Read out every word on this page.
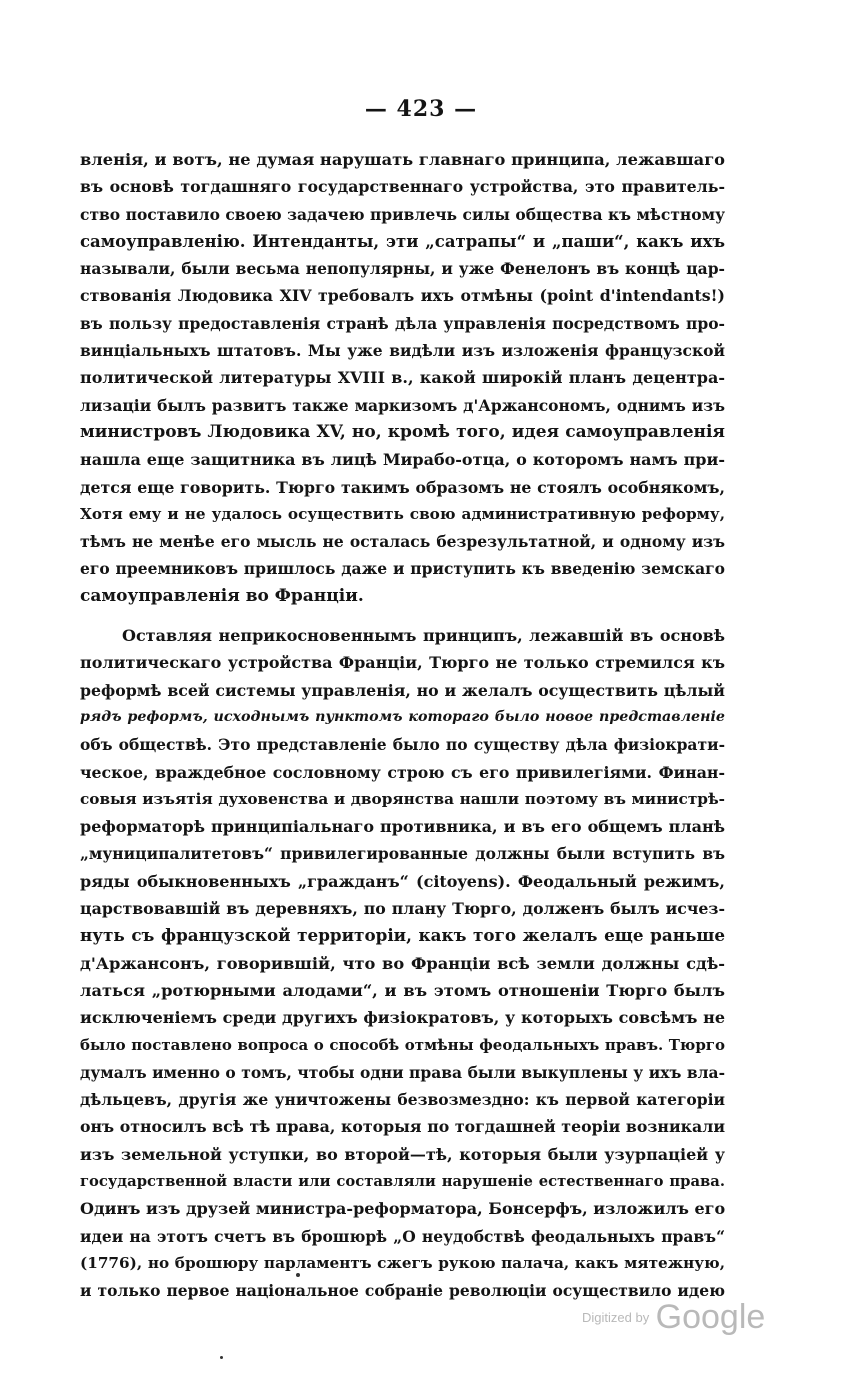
— 423 —
вленія, и вотъ, не думая нарушать главнаго принципа, лежавшаго
въ основѣ тогдашняго государственнаго устройства, это правитель-
ство поставило своею задачею привлечь силы общества къ мѣстному
самоуправленію. Интенданты, эти „сатрапы“ и „паши“, какъ ихъ
называли, были весьма непопулярны, и уже Фенелонъ въ концѣ цар-
ствованія Людовика XIV требовалъ ихъ отмѣны (point d'intendants!)
въ пользу предоставленія странѣ дѣла управленія посредствомъ про-
винціальныхъ штатовъ. Мы уже видѣли изъ изложенія французской
политической литературы XVIII в., какой широкій планъ децентра-
лизаціи былъ развитъ также маркизомъ д'Аржансономъ, однимъ изъ
министровъ Людовика XV, но, кромѣ того, идея самоуправленія
нашла еще защитника въ лицѣ Мирабо-отца, о которомъ намъ при-
дется еще говорить. Тюрго такимъ образомъ не стоялъ особнякомъ,
Хотя ему и не удалось осуществить свою административную реформу,
тѣмъ не менѣе его мысль не осталась безрезультатной, и одному изъ
его преемниковъ пришлось даже и приступить къ введенію земскаго
самоуправленія во Франціи.
Оставляя неприкосновеннымъ принципъ, лежавшій въ основѣ
политическаго устройства Франціи, Тюрго не только стремился къ
реформѣ всей системы управленія, но и желалъ осуществить цѣлый
рядъ реформъ, исходнымъ пунктомъ которагo было новое представленіе
объ обществѣ. Это представленіе было по существу дѣла физіократи-
ческое, враждебное сословному строю съ его привилегіями. Финан-
совыя изъятія духовенства и дворянства нашли поэтому въ министрѣ-
реформаторѣ принципіальнаго противника, и въ его общемъ планѣ
„муниципалитетовъ“ привилегированные должны были вступить въ
ряды обыкновенныхъ „гражданъ“ (citoyens). Феодальный режимъ,
царствовавшій въ деревняхъ, по плану Тюрго, долженъ былъ исчез-
нуть съ французской территоріи, какъ того желалъ еще раньше
д'Аржансонъ, говорившій, что во Франціи всѣ земли должны сдѣ-
латься „ротюрными алодами“, и въ этомъ отношеніи Тюрго былъ
исключеніемъ среди другихъ физіократовъ, у которыхъ совсѣмъ не
было поставлено вопроса о способѣ отмѣны феодальныхъ правъ. Тюрго
думалъ именно о томъ, чтобы одни права были выкуплены у ихъ вла-
дѣльцевъ, другія же уничтожены безвозмездно: къ первой категоріи
онъ относилъ всѣ тѣ права, которыя по тогдашней теоріи возникали
изъ земельной уступки, во второй—тѣ, которыя были узурпаціей у
государственной власти или составляли нарушеніе естественнаго права.
Одинъ изъ друзей министра-реформатора, Бонсерфъ, изложилъ его
идеи на этотъ счетъ въ брошюрѣ „О неудобствѣ феодальныхъ правъ“
(1776), но брошюру парламентъ сжегъ рукою палача, какъ мятежную,
и только первое національное собраніе революціи осуществило идею
Digitized by Google
